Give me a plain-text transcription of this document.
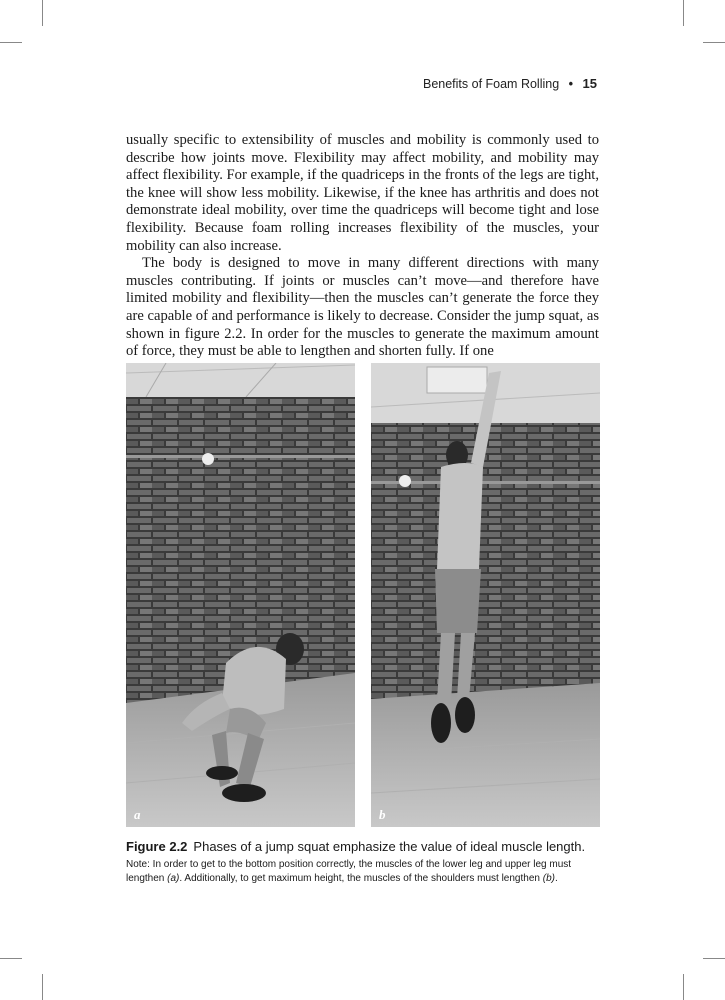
Benefits of Foam Rolling • 15

usually specific to extensibility of muscles and mobility is commonly used to describe how joints move. Flexibility may affect mobility, and mobility may affect flexibility. For example, if the quadriceps in the fronts of the legs are tight, the knee will show less mobility. Likewise, if the knee has arthritis and does not demonstrate ideal mobility, over time the quadriceps will become tight and lose flexibility. Because foam rolling increases flexibility of the muscles, your mobility can also increase.

The body is designed to move in many different directions with many muscles contributing. If joints or muscles can’t move—and therefore have limited mobility and flexibility—then the muscles can’t generate the force they are capable of and performance is likely to decrease. Consider the jump squat, as shown in figure 2.2. In order for the muscles to generate the maximum amount of force, they must be able to lengthen and shorten fully. If one

a	b
Figure 2.2 Phases of a jump squat emphasize the value of ideal muscle length.
Note: In order to get to the bottom position correctly, the muscles of the lower leg and upper leg must lengthen (a). Additionally, to get maximum height, the muscles of the shoulders must lengthen (b).
